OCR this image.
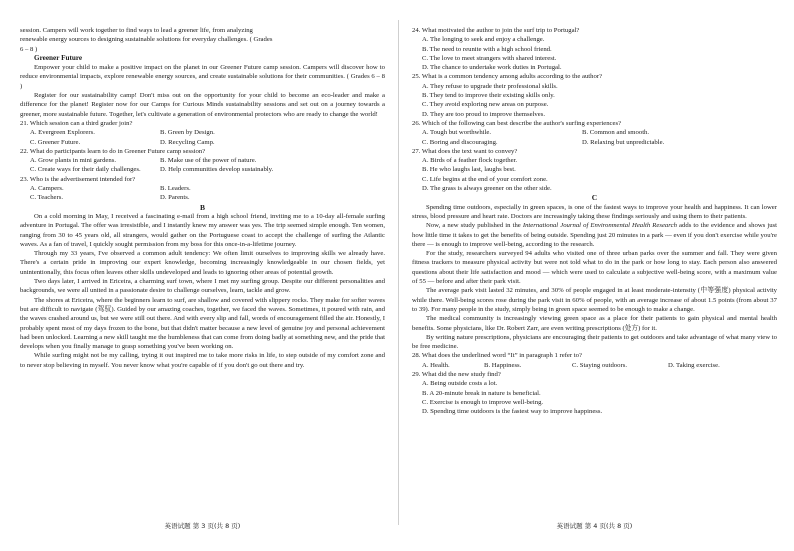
session. Campers will work together to find ways to lead a greener life, from analyzing

renewable energy sources to designing sustainable solutions for everyday challenges. ( Grades

6 – 8 )

Greener Future

Empower your child to make a positive impact on the planet in our Greener Future camp session. Campers will discover how to reduce environmental impacts, explore renewable energy sources, and create sustainable solutions for their communities. ( Grades 6 – 8 )

Register for our sustainability camp! Don't miss out on the opportunity for your child to become an eco-leader and make a difference for the planet! Register now for our Camps for Curious Minds sustainability sessions and set out on a journey towards a greener, more sustainable future. Together, let's cultivate a generation of environmental protectors who are ready to change the world!

21. Which session can a third grader join?
A. Evergreen Explorers.	B. Green by Design.
C. Greener Future.	D. Recycling Camp.
22. What do participants learn to do in Greener Future camp session?
A. Grow plants in mini gardens.	B. Make use of the power of nature.
C. Create ways for their daily challenges.	D. Help communities develop sustainably.
23. Who is the advertisement intended for?
A. Campers.	B. Leaders.
C. Teachers.	D. Parents.
B

On a cold morning in May, I received a fascinating e-mail from a high school friend, inviting me to a 10-day all-female surfing adventure in Portugal. The offer was irresistible, and I instantly knew my answer was yes. The trip seemed simple enough. Ten women, ranging from 30 to 45 years old, all strangers, would gather on the Portuguese coast to accept the challenge of surfing the Atlantic waves. As a fan of travel, I quickly sought permission from my boss for this once-in-a-lifetime journey.

Through my 33 years, I've observed a common adult tendency: We often limit ourselves to improving skills we already have. There's a certain pride in improving our expert knowledge, becoming increasingly knowledgeable in our chosen fields, yet unintentionally, this focus often leaves other skills undeveloped and leads to ignoring other areas of potential growth.

Two days later, I arrived in Ericeira, a charming surf town, where I met my surfing group. Despite our different personalities and backgrounds, we were all united in a passionate desire to challenge ourselves, learn, tackle and grow.

The shores at Ericeira, where the beginners learn to surf, are shallow and covered with slippery rocks. They make for softer waves but are difficult to navigate (驾驭). Guided by our amazing coaches, together, we faced the waves. Sometimes, it poured with rain, and the waves crashed around us, but we were still out there. And with every slip and fall, words of encouragement filled the air. Honestly, I probably spent most of my days frozen to the bone, but that didn't matter because a new level of genuine joy and personal achievement had been unlocked. Learning a new skill taught me the humbleness that can come from doing badly at something new, and the pride that develops when you finally manage to grasp something you've been working on.

While surfing might not be my calling, trying it out inspired me to take more risks in life, to step outside of my comfort zone and to never stop believing in myself. You never know what you're capable of if you don't go out there and try.

英语试题 第 3 页(共 8 页)
24. What motivated the author to join the surf trip to Portugal?
A. The longing to seek and enjoy a challenge.
B. The need to reunite with a high school friend.
C. The love to meet strangers with shared interest.
D. The chance to undertake work duties in Portugal.
25. What is a common tendency among adults according to the author?
A. They refuse to upgrade their professional skills.
B. They tend to improve their existing skills only.
C. They avoid exploring new areas on purpose.
D. They are too proud to improve themselves.
26. Which of the following can best describe the author's surfing experiences?
A. Tough but worthwhile.	B. Common and smooth.
C. Boring and discouraging.	D. Relaxing but unpredictable.
27. What does the text want to convey?
A. Birds of a feather flock together.
B. He who laughs last, laughs best.
C. Life begins at the end of your comfort zone.
D. The grass is always greener on the other side.
C

Spending time outdoors, especially in green spaces, is one of the fastest ways to improve your health and happiness. It can lower stress, blood pressure and heart rate. Doctors are increasingly taking these findings seriously and using them to their patients.

Now, a new study published in the International Journal of Environmental Health Research adds to the evidence and shows just how little time it takes to get the benefits of being outside. Spending just 20 minutes in a park — even if you don't exercise while you're there — is enough to improve well-being, according to the research.

For the study, researchers surveyed 94 adults who visited one of three urban parks over the summer and fall. They were given fitness trackers to measure physical activity but were not told what to do in the park or how long to stay. Each person also answered questions about their life satisfaction and mood — which were used to calculate a subjective well-being score, with a maximum value of 55 — before and after their park visit.

The average park visit lasted 32 minutes, and 30% of people engaged in at least moderate-intensity (中等强度) physical activity while there. Well-being scores rose during the park visit in 60% of people, with an average increase of about 1.5 points (from about 37 to 39). For many people in the study, simply being in green space seemed to be enough to make a change.

The medical community is increasingly viewing green space as a place for their patients to gain physical and mental health benefits. Some physicians, like Dr. Robert Zarr, are even writing prescriptions (处方) for it.

By writing nature prescriptions, physicians are encouraging their patients to get outdoors and take advantage of what many view to be free medicine.

28. What does the underlined word “It” in paragraph 1 refer to?
A. Health.	B. Happiness.	C. Staying outdoors.	D. Taking exercise.
29. What did the new study find?
A. Being outside costs a lot.
B. A 20-minute break in nature is beneficial.
C. Exercise is enough to improve well-being.
D. Spending time outdoors is the fastest way to improve happiness.
英语试题 第 4 页(共 8 页)
